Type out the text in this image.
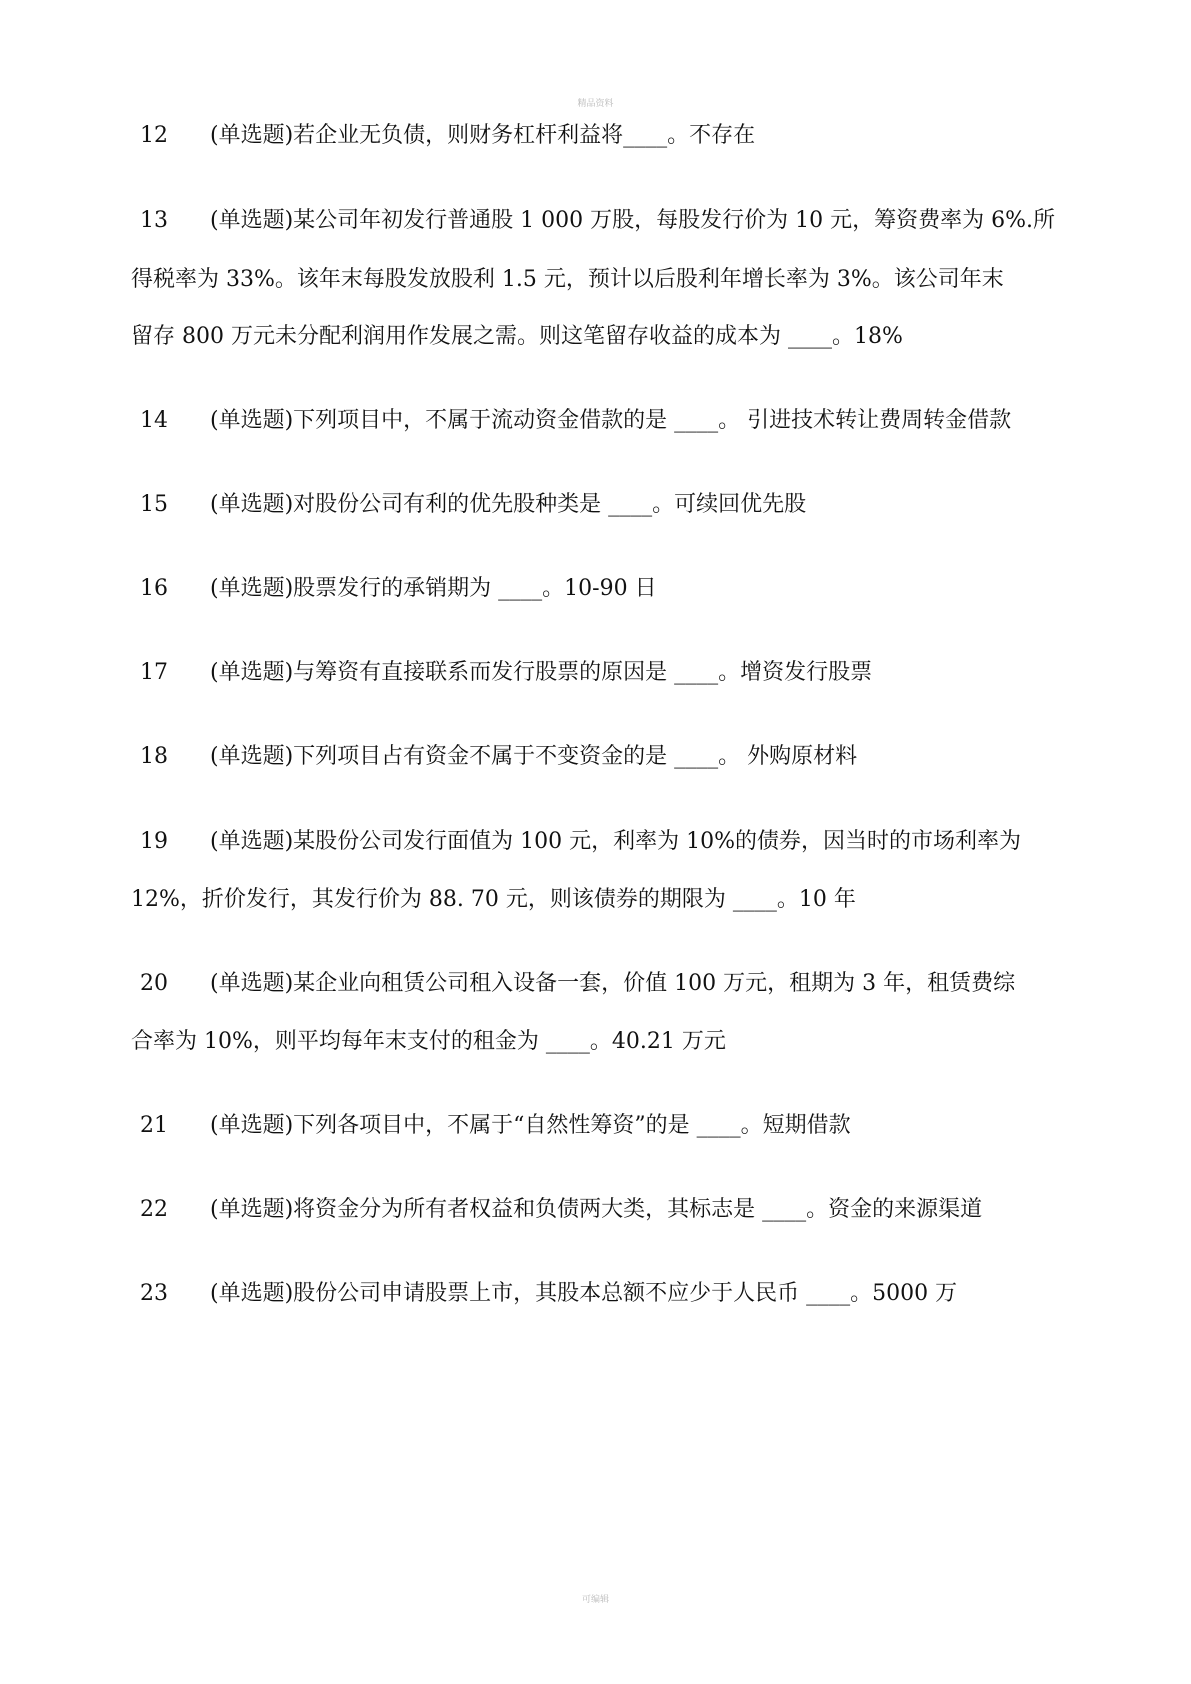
精品资料
12 (单选题)若企业无负债，则财务杠杆利益将____。不存在
13 (单选题)某公司年初发行普通股 1 000 万股，每股发行价为 10 元，筹资费率为 6%.所
得税率为 33%。该年末每股发放股利 1.5 元，预计以后股利年增长率为 3%。该公司年末
留存 800 万元未分配利润用作发展之需。则这笔留存收益的成本为 ____。18%
14 (单选题)下列项目中，不属于流动资金借款的是 ____。 引进技术转让费周转金借款
15 (单选题)对股份公司有利的优先股种类是 ____。可续回优先股
16 (单选题)股票发行的承销期为 ____。10-90 日
17 (单选题)与筹资有直接联系而发行股票的原因是 ____。增资发行股票
18 (单选题)下列项目占有资金不属于不变资金的是 ____。 外购原材料
19 (单选题)某股份公司发行面值为 100 元，利率为 10%的债券，因当时的市场利率为
12%，折价发行，其发行价为 88. 70 元，则该债券的期限为 ____。10 年
20 (单选题)某企业向租赁公司租入设备一套，价值 100 万元，租期为 3 年，租赁费综
合率为 10%，则平均每年末支付的租金为 ____。40.21 万元
21 (单选题)下列各项目中，不属于“自然性筹资”的是 ____。短期借款
22 (单选题)将资金分为所有者权益和负债两大类，其标志是 ____。资金的来源渠道
23 (单选题)股份公司申请股票上市，其股本总额不应少于人民币 ____。5000 万
可编辑
